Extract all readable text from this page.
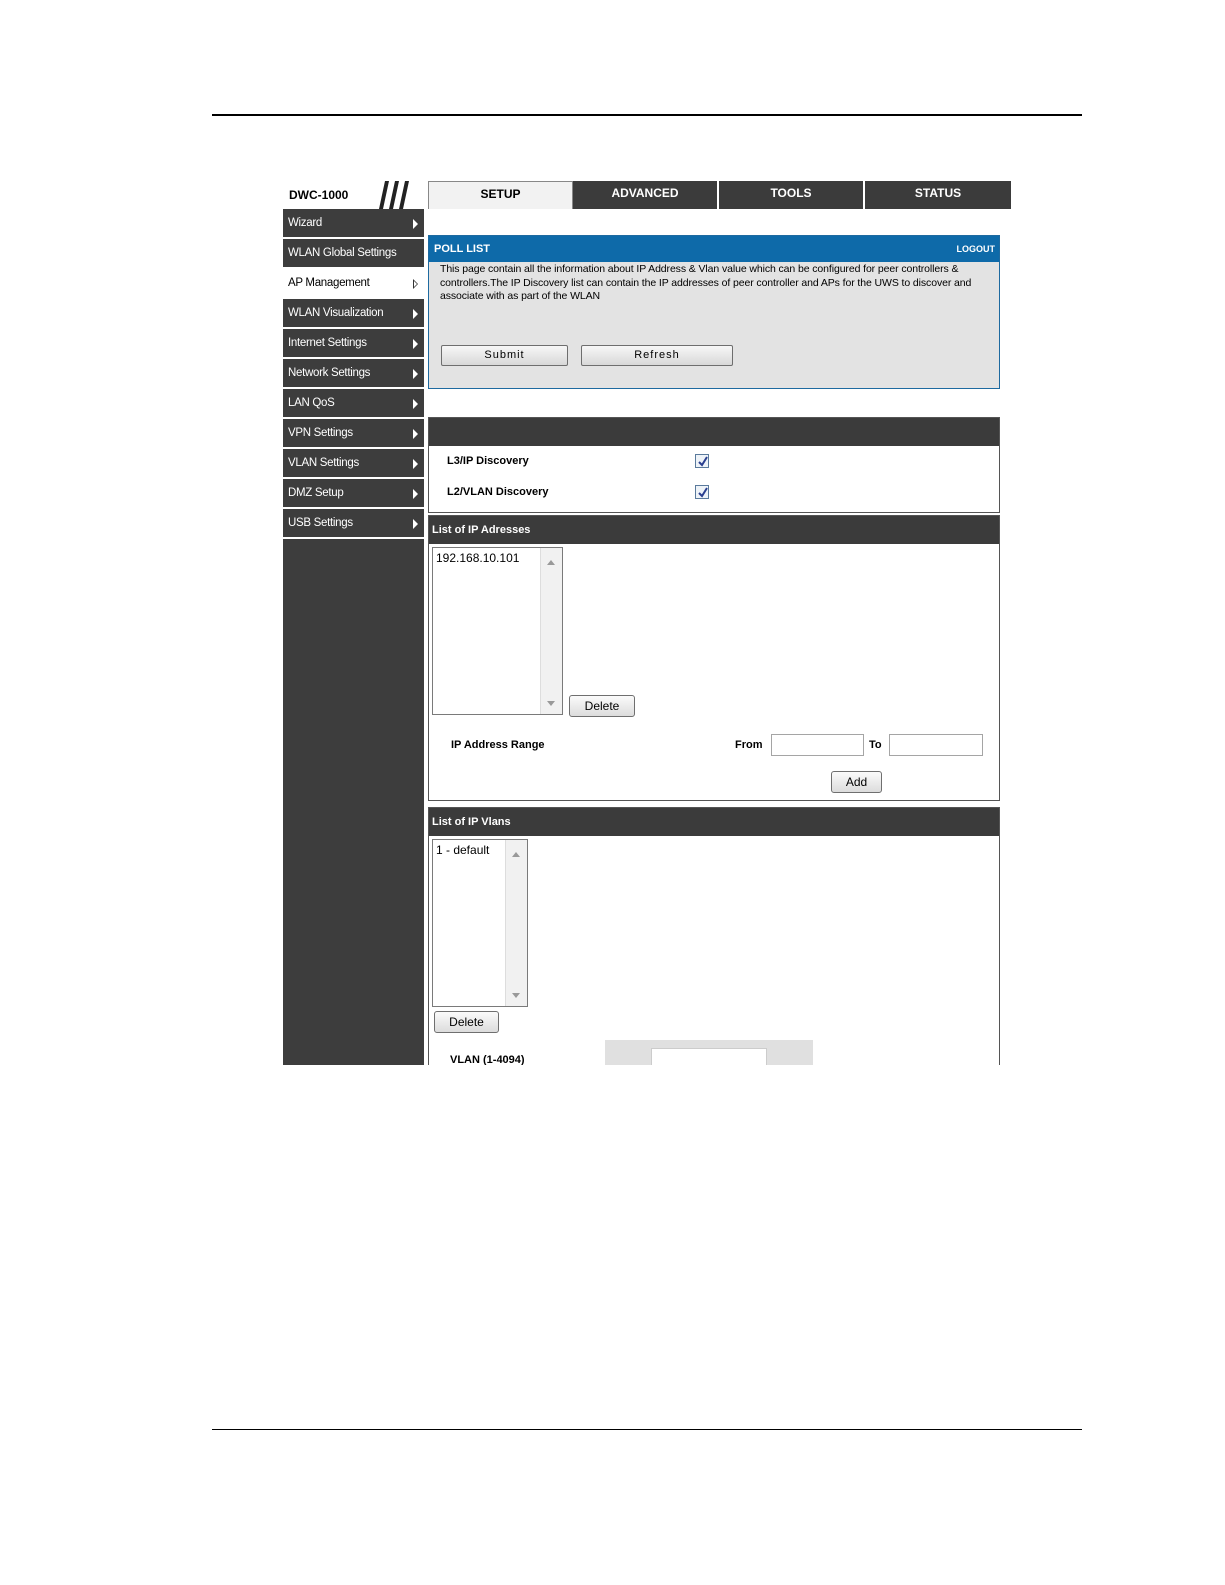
DWC-1000	SETUP	ADVANCED	TOOLS	STATUS
Wizard
WLAN Global Settings
AP Management
WLAN Visualization
Internet Settings
Network Settings
LAN QoS
VPN Settings
VLAN Settings
DMZ Setup
USB Settings
POLL LIST	LOGOUT
This page contain all the information about IP Address & Vlan value which can be configured for peer controllers & controllers.The IP Discovery list can contain the IP addresses of peer controller and APs for the UWS to discover and associate with as part of the WLAN
Submit	Refresh
L3/IP Discovery
L2/VLAN Discovery
List of IP Adresses
192.168.10.101
Delete
IP Address Range	From	To
Add
List of IP Vlans
1 - default
Delete
VLAN (1-4094)
